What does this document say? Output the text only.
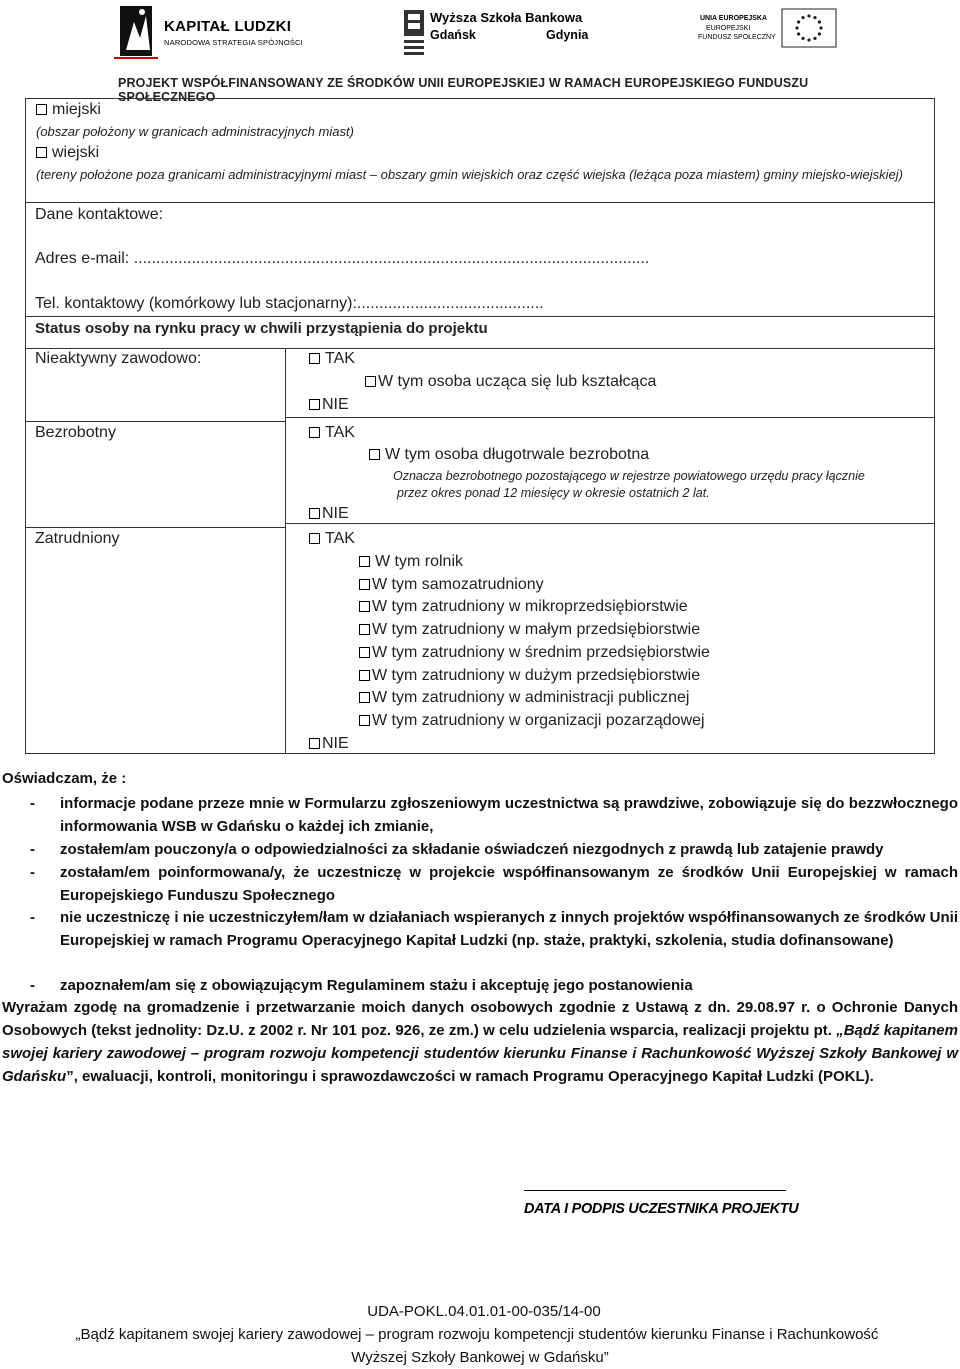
KAPITAŁ LUDZKI
NARODOWA STRATEGIA SPÓJNOŚCI
Wyższa Szkoła Bankowa
Gdańsk	Gdynia
UNIA EUROPEJSKA
EUROPEJSKI
FUNDUSZ SPOŁECZNY
PROJEKT WSPÓŁFINANSOWANY ZE ŚRODKÓW UNII EUROPEJSKIEJ W RAMACH EUROPEJSKIEGO FUNDUSZU SPOŁECZNEGO
miejski
(obszar położony w granicach administracyjnych miast)
wiejski
(tereny położone poza granicami administracyjnymi miast – obszary gmin wiejskich oraz część wiejska (leżąca poza miastem) gminy miejsko-wiejskiej)
Dane kontaktowe:
Adres e-mail: ....................................................................................................................
Tel. kontaktowy (komórkowy lub stacjonarny):..........................................
Status osoby na rynku pracy w chwili przystąpienia do projektu
Nieaktywny zawodowo:
Bezrobotny
Zatrudniony
TAK
W tym osoba ucząca się lub kształcąca
NIE
TAK
W tym osoba długotrwale bezrobotna
Oznacza bezrobotnego pozostającego w rejestrze powiatowego urzędu pracy łącznie
przez okres ponad 12 miesięcy w okresie ostatnich 2 lat.
NIE
TAK
W tym rolnik
W tym samozatrudniony
W tym zatrudniony w mikroprzedsiębiorstwie
W tym zatrudniony w małym przedsiębiorstwie
W tym zatrudniony w średnim przedsiębiorstwie
W tym zatrudniony w dużym przedsiębiorstwie
W tym zatrudniony w administracji publicznej
W tym zatrudniony w organizacji pozarządowej
NIE
Oświadczam, że :
- informacje podane przeze mnie w Formularzu zgłoszeniowym uczestnictwa są prawdziwe, zobowiązuje się do bezzwłocznego informowania WSB w Gdańsku o każdej ich zmianie,
- zostałem/am pouczony/a o odpowiedzialności za składanie oświadczeń niezgodnych z prawdą lub zatajenie prawdy
- zostałam/em poinformowana/y, że uczestniczę w projekcie współfinansowanym ze środków Unii Europejskiej w ramach Europejskiego Funduszu Społecznego
- nie uczestniczę i nie uczestniczyłem/łam w działaniach wspieranych z innych projektów współfinansowanych ze środków Unii Europejskiej w ramach Programu Operacyjnego Kapitał Ludzki (np. staże, praktyki, szkolenia, studia dofinansowane)
- zapoznałem/am się z obowiązującym Regulaminem stażu i akceptuję jego postanowienia
Wyrażam zgodę na gromadzenie i przetwarzanie moich danych osobowych zgodnie z Ustawą z dn. 29.08.97 r. o Ochronie Danych Osobowych (tekst jednolity: Dz.U. z 2002 r. Nr 101 poz. 926, ze zm.) w celu udzielenia wsparcia, realizacji projektu pt. „Bądź kapitanem swojej kariery zawodowej – program rozwoju kompetencji studentów kierunku Finanse i Rachunkowość Wyższej Szkoły Bankowej w Gdańsku”, ewaluacji, kontroli, monitoringu i sprawozdawczości w ramach Programu Operacyjnego Kapitał Ludzki (POKL).
DATA I PODPIS UCZESTNIKA PROJEKTU
UDA-POKL.04.01.01-00-035/14-00
„Bądź kapitanem swojej kariery zawodowej – program rozwoju kompetencji studentów kierunku Finanse i Rachunkowość
Wyższej Szkoły Bankowej w Gdańsku”
